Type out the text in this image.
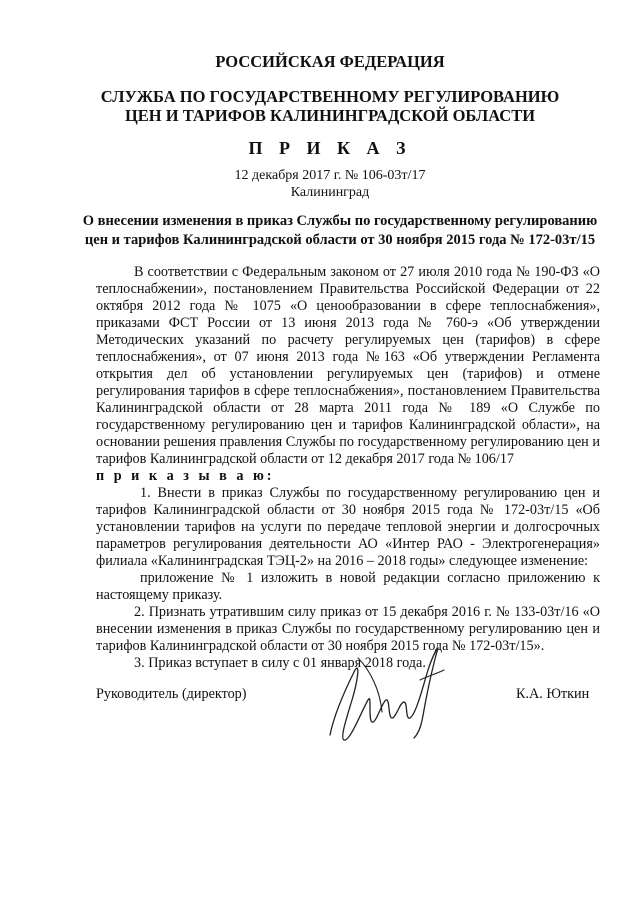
РОССИЙСКАЯ ФЕДЕРАЦИЯ
СЛУЖБА ПО ГОСУДАРСТВЕННОМУ РЕГУЛИРОВАНИЮ
ЦЕН И ТАРИФОВ КАЛИНИНГРАДСКОЙ ОБЛАСТИ
П Р И К А З
12 декабря 2017 г. № 106-03т/17
Калининград
О внесении изменения в приказ Службы по государственному регулированию
цен и тарифов Калининградской области от 30 ноября 2015 года № 172-03т/15

В соответствии с Федеральным законом от 27 июля 2010 года № 190-ФЗ «О теплоснабжении», постановлением Правительства Российской Федерации от 22 октября 2012 года № 1075 «О ценообразовании в сфере теплоснабжения», приказами ФСТ России от 13 июня 2013 года № 760-э «Об утверждении Методических указаний по расчету регулируемых цен (тарифов) в сфере теплоснабжения», от 07 июня 2013 года №163 «Об утверждении Регламента открытия дел об установлении регулируемых цен (тарифов) и отмене регулирования тарифов в сфере теплоснабжения», постановлением Правительства Калининградской области от 28 марта 2011 года № 189 «О Службе по государственному регулированию цен и тарифов Калининградской области», на основании решения правления Службы по государственному регулированию цен и тарифов Калининградской области от 12 декабря 2017 года № 106/17

п р и к а з ы в а ю:

1. Внести в приказ Службы по государственному регулированию цен и тарифов Калининградской области от 30 ноября 2015 года № 172-03т/15 «Об установлении тарифов на услуги по передаче тепловой энергии и долгосрочных параметров регулирования деятельности АО «Интер РАО - Электрогенерация» филиала «Калининградская ТЭЦ-2» на 2016 – 2018 годы» следующее изменение:

приложение № 1 изложить в новой редакции согласно приложению к настоящему приказу.

2. Признать утратившим силу приказ от 15 декабря 2016 г. № 133-03т/16 «О внесении изменения в приказ Службы по государственному регулированию цен и тарифов Калининградской области от 30 ноября 2015 года № 172-03т/15».

3. Приказ вступает в силу с 01 января 2018 года.

Руководитель (директор)	К.А. Юткин
